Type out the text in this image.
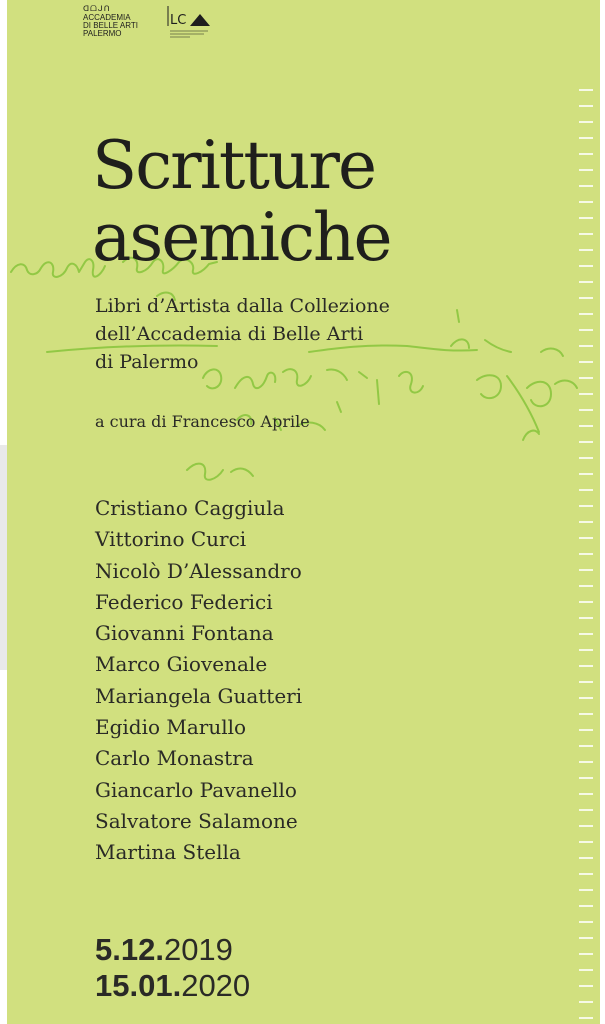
ᗡᗝᒍᑎ
ACCADEMIA
DI BELLE ARTI
PALERMO
LC
Scritture
asemiche
Libri d’Artista dalla Collezione
dell’Accademia di Belle Arti
di Palermo
a cura di Francesco Aprile
Cristiano Caggiula
Vittorino Curci
Nicolò D’Alessandro
Federico Federici
Giovanni Fontana
Marco Giovenale
Mariangela Guatteri
Egidio Marullo
Carlo Monastra
Giancarlo Pavanello
Salvatore Salamone
Martina Stella
5.12.2019
15.01.2020
